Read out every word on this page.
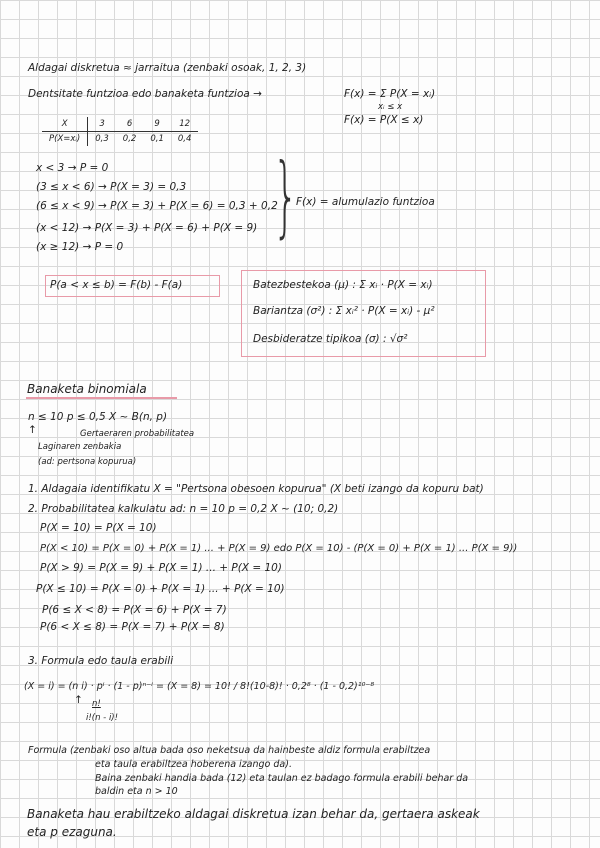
Aldagai diskretua ≈ jarraitua (zenbaki osoak, 1, 2, 3)
Dentsitate funtzioa edo banaketa funtzioa →	F(x) = Σ P(X = xᵢ)
xᵢ ≤ x
F(x) = P(X ≤ x)
X	3	6	9	12
P(X=xᵢ)	0,3	0,2	0,1	0,4
x < 3 → P = 0
(3 ≤ x < 6) → P(X = 3) = 0,3
(6 ≤ x < 9) → P(X = 3) + P(X = 6) = 0,3 + 0,2
(x < 12) → P(X = 3) + P(X = 6) + P(X = 9)
(x ≥ 12) → P = 0 }
F(x) = alumulazio funtzioa
P(a < x ≤ b) = F(b) - F(a)	Batezbestekoa (μ) : Σ xᵢ · P(X = xᵢ)
Bariantza (σ²) : Σ xᵢ² · P(X = xᵢ) - μ²
Desbideratze tipikoa (σ) : √σ²
Banaketa binomiala
n ≤ 10 p ≤ 0,5 X ~ B(n, p)
Gertaeraren probabilitatea
↑
Laginaren zenbakia
(ad: pertsona kopurua)
1. Aldagaia identifikatu X = "Pertsona obesoen kopurua" (X beti izango da kopuru bat)
2. Probabilitatea kalkulatu ad: n = 10 p = 0,2 X ~ (10; 0,2)
P(X = 10) = P(X = 10)
P(X < 10) = P(X = 0) + P(X = 1) ... + P(X = 9) edo P(X = 10) - (P(X = 0) + P(X = 1) ... P(X = 9))
P(X > 9) = P(X = 9) + P(X = 1) ... + P(X = 10)
P(X ≤ 10) = P(X = 0) + P(X = 1) ... + P(X = 10)
P(6 ≤ X < 8) = P(X = 6) + P(X = 7)
P(6 < X ≤ 8) = P(X = 7) + P(X = 8)
3. Formula edo taula erabili
(X = i) = (n i) · pⁱ · (1 - p)ⁿ⁻ⁱ = (X = 8) = 10! / 8!(10-8)! · 0,2⁸ · (1 - 0,2)¹⁰⁻⁸
↑ n!
i!(n - i)!
Formula (zenbaki oso altua bada oso neketsua da hainbeste aldiz formula erabiltzea
eta taula erabiltzea hoberena izango da).
Baina zenbaki handia bada (12) eta taulan ez badago formula erabili behar da
baldin eta n > 10
Banaketa hau erabiltzeko aldagai diskretua izan behar da, gertaera askeak
eta p ezaguna.
